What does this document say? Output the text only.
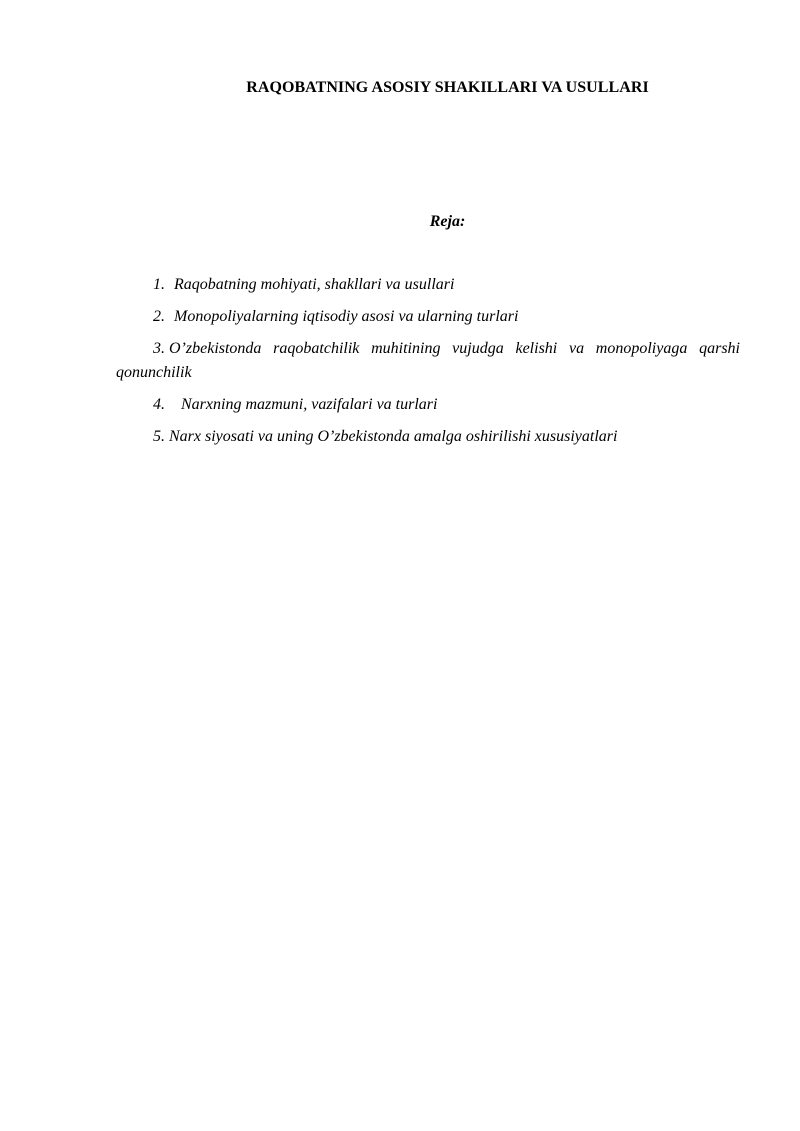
RAQOBATNING ASOSIY SHAKILLARI VA USULLARI
Reja:
1. Raqobatning mohiyati, shakllari va usullari
2. Monopoliyalarning iqtisodiy asosi va ularning turlari
3. O’zbekistonda raqobatchilik muhitining vujudga kelishi va monopoliyaga qarshi qonunchilik
4. Narxning mazmuni, vazifalari va turlari
5. Narx siyosati va uning O’zbekistonda amalga oshirilishi xususiyatlari
